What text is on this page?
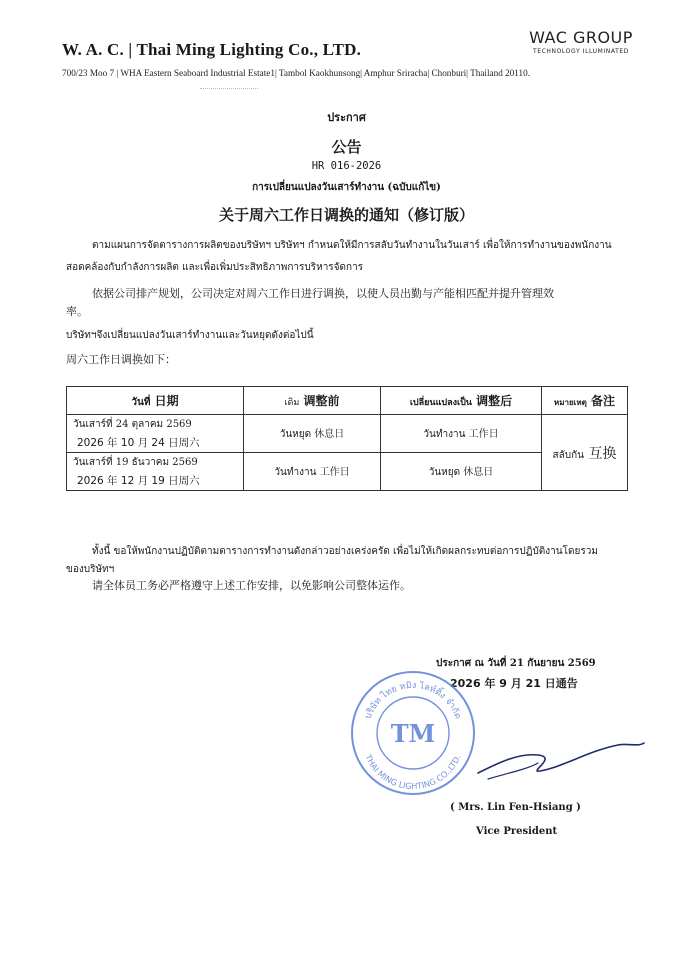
W. A. C. | Thai Ming Lighting Co., LTD.
700/23 Moo 7 | WHA Eastern Seaboard Industrial Estate1| Tambol Kaokhunsong| Amphur Sriracha| Chonburi| Thailand 20110.
WAC GROUP
TECHNOLOGY ILLUMINATED
ประกาศ
公告
HR 016-2026
การเปลี่ยนแปลงวันเสาร์ทำงาน (ฉบับแก้ไข)
关于周六工作日调换的通知（修订版）
ตามแผนการจัดตารางการผลิตของบริษัทฯ บริษัทฯ กำหนดให้มีการสลับวันทำงานในวันเสาร์ เพื่อให้การทำงานของพนักงาน
สอดคล้องกับกำลังการผลิต และเพื่อเพิ่มประสิทธิภาพการบริหารจัดการ
依据公司排产规划，公司决定对周六工作日进行调换，以使人员出勤与产能相匹配并提升管理效
率。
บริษัทฯจึงเปลี่ยนแปลงวันเสาร์ทำงานและวันหยุดดังต่อไปนี้
周六工作日调换如下：
วันที่ 日期	เดิม 调整前	เปลี่ยนแปลงเป็น 调整后	หมายเหตุ 备注

วันเสาร์ที่ 24 ตุลาคม 2569
2026 年 10 月 24 日周六	วันหยุด 休息日	วันทำงาน 工作日	สลับกัน 互换

วันเสาร์ที่ 19 ธันวาคม 2569
2026 年 12 月 19 日周六	วันทำงาน 工作日	วันหยุด 休息日	
ทั้งนี้ ขอให้พนักงานปฏิบัติตามตารางการทำงานดังกล่าวอย่างเคร่งครัด เพื่อไม่ให้เกิดผลกระทบต่อการปฏิบัติงานโดยรวม
ของบริษัทฯ
请全体员工务必严格遵守上述工作安排，以免影响公司整体运作。
ประกาศ ณ วันที่ 21 กันยายน 2569
2026 年 9 月 21 日通告
บริษัท ไทย หมิง ไลท์ติ้ง จำกัด
THAI MING LIGHTING CO.,LTD.
TM
( Mrs. Lin Fen-Hsiang )
Vice President
